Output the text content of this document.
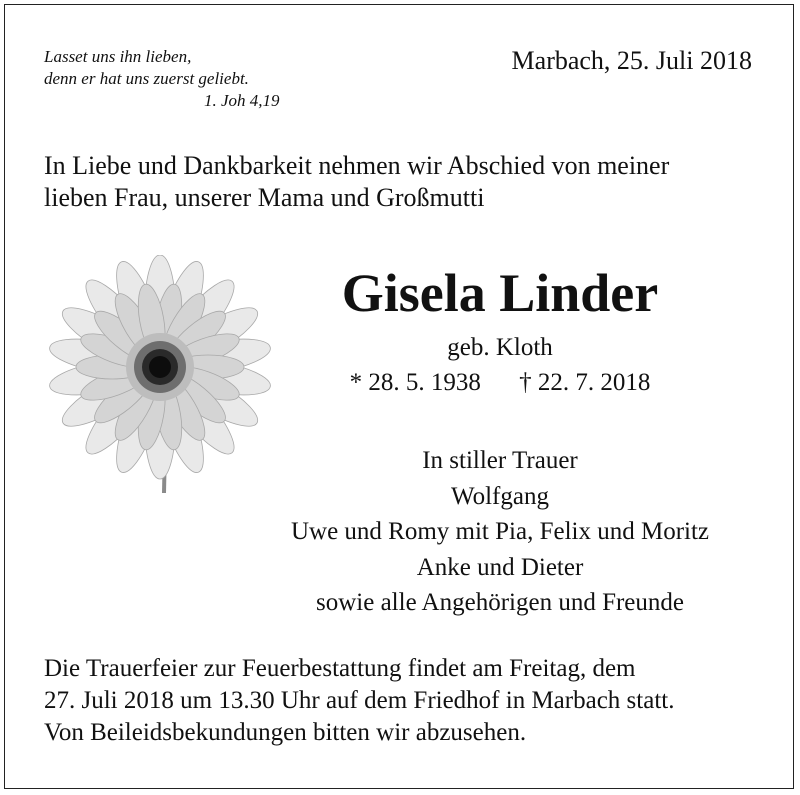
Lasset uns ihn lieben,
denn er hat uns zuerst geliebt.
1. Joh 4,19
Marbach, 25. Juli 2018
In Liebe und Dankbarkeit nehmen wir Abschied von meiner
lieben Frau, unserer Mama und Großmutti
Gisela Linder
geb. Kloth
* 28. 5. 1938 † 22. 7. 2018
In stiller Trauer
Wolfgang
Uwe und Romy mit Pia, Felix und Moritz
Anke und Dieter
sowie alle Angehörigen und Freunde
Die Trauerfeier zur Feuerbestattung findet am Freitag, dem
27. Juli 2018 um 13.30 Uhr auf dem Friedhof in Marbach statt.
Von Beileidsbekundungen bitten wir abzusehen.
